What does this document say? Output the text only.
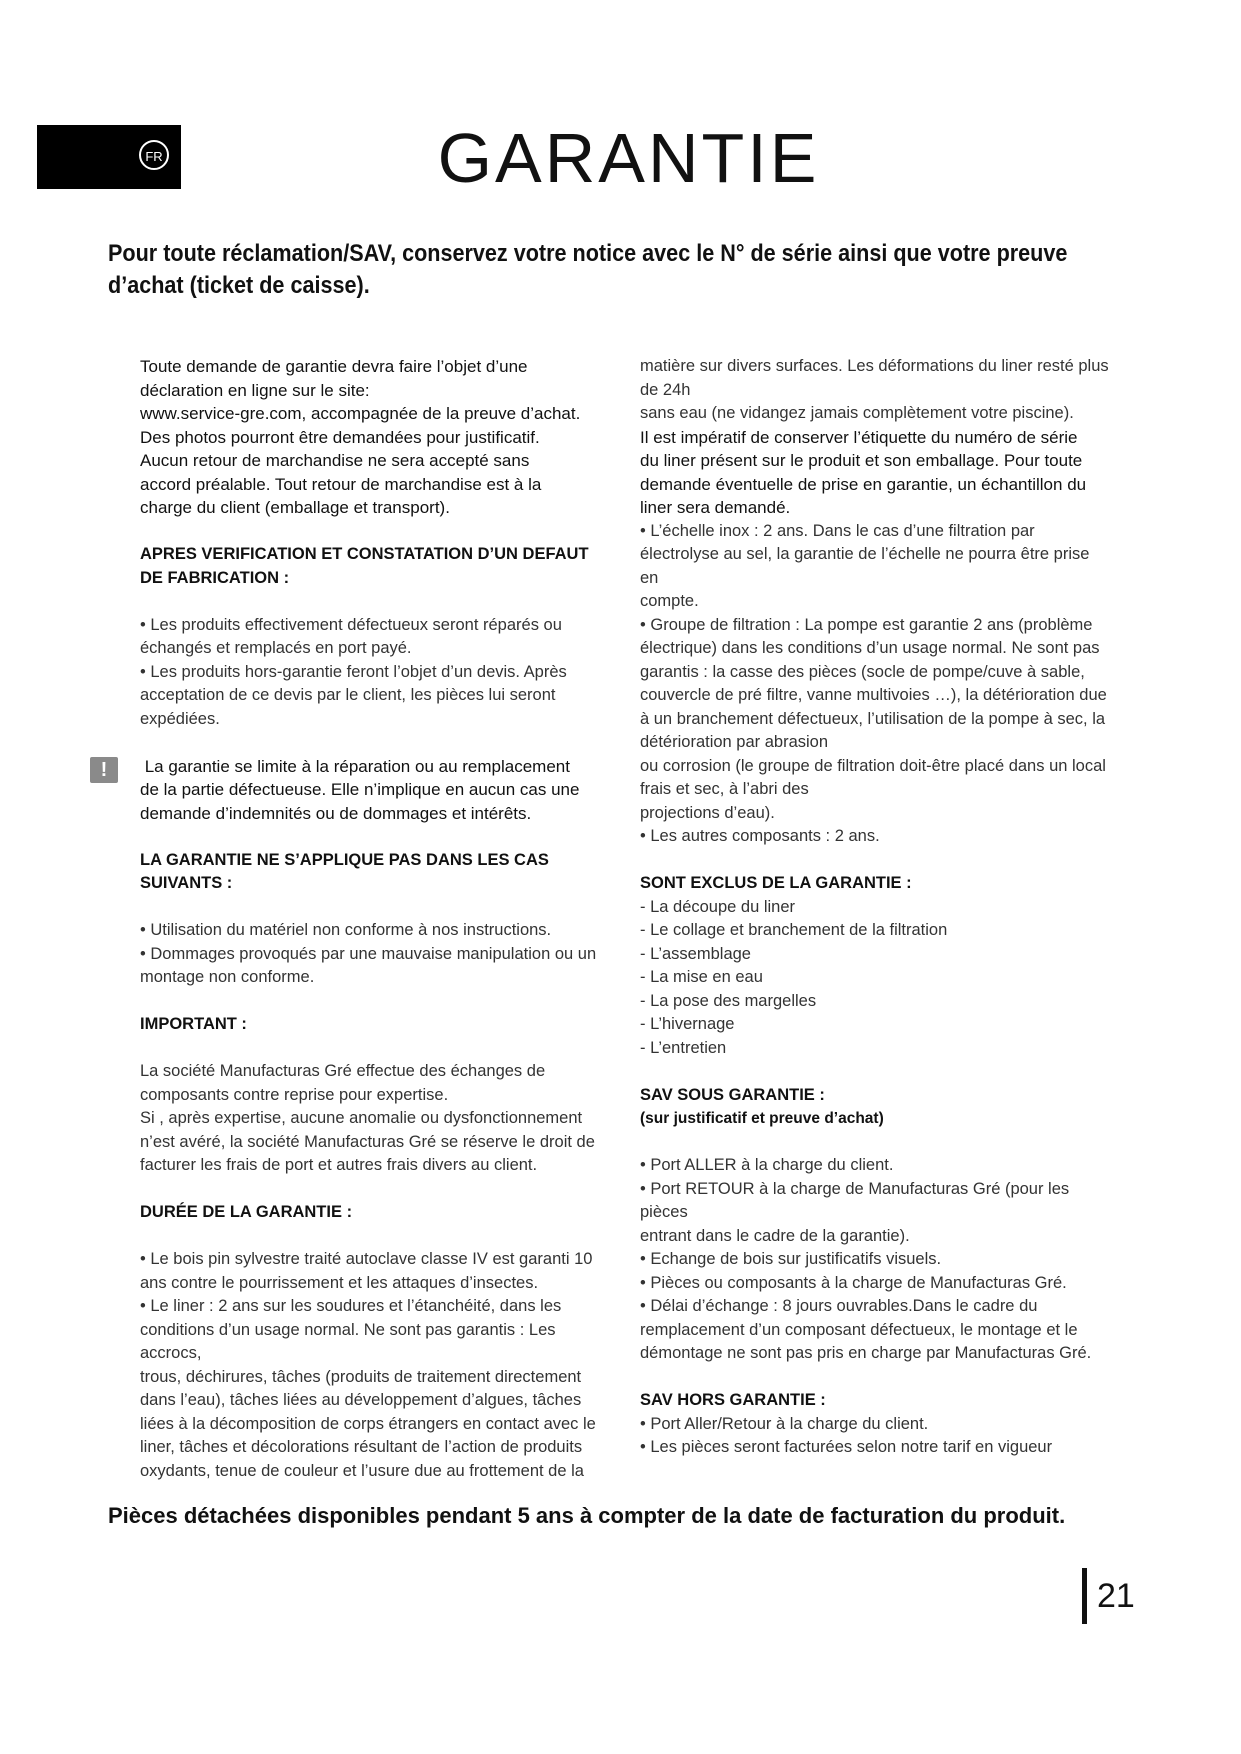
FR	GARANTIE
Pour toute réclamation/SAV, conservez votre notice avec le N° de série ainsi que votre preuve d’achat (ticket de caisse).

Toute demande de garantie devra faire l’objet d’une

déclaration en ligne sur le site:

www.service-gre.com, accompagnée de la preuve d’achat.

Des photos pourront être demandées pour justificatif.

Aucun retour de marchandise ne sera accepté sans

accord préalable. Tout retour de marchandise est à la

charge du client (emballage et transport).

APRES VERIFICATION ET CONSTATATION D’UN DEFAUT

DE FABRICATION :

• Les produits effectivement défectueux seront réparés ou

échangés et remplacés en port payé.

• Les produits hors-garantie feront l’objet d’un devis. Après

acceptation de ce devis par le client, les pièces lui seront

expédiées.

!	La garantie se limite à la réparation ou au remplacement

de la partie défectueuse. Elle n’implique en aucun cas une

demande d’indemnités ou de dommages et intérêts.

LA GARANTIE NE S’APPLIQUE PAS DANS LES CAS

SUIVANTS :

• Utilisation du matériel non conforme à nos instructions.

• Dommages provoqués par une mauvaise manipulation ou un

montage non conforme.

IMPORTANT :

La société Manufacturas Gré effectue des échanges de

composants contre reprise pour expertise.

Si , après expertise, aucune anomalie ou dysfonctionnement

n’est avéré, la société Manufacturas Gré se réserve le droit de

facturer les frais de port et autres frais divers au client.

DURÉE DE LA GARANTIE :

• Le bois pin sylvestre traité autoclave classe IV est garanti 10

ans contre le pourrissement et les attaques d’insectes.

• Le liner : 2 ans sur les soudures et l’étanchéité, dans les

conditions d’un usage normal. Ne sont pas garantis : Les accrocs,

trous, déchirures, tâches (produits de traitement directement

dans l’eau), tâches liées au développement d’algues, tâches

liées à la décomposition de corps étrangers en contact avec le

liner, tâches et décolorations résultant de l’action de produits

oxydants, tenue de couleur et l’usure due au frottement de la

matière sur divers surfaces. Les déformations du liner resté plus

de 24h

sans eau (ne vidangez jamais complètement votre piscine).

Il est impératif de conserver l’étiquette du numéro de série

du liner présent sur le produit et son emballage. Pour toute

demande éventuelle de prise en garantie, un échantillon du

liner sera demandé.

• L’échelle inox : 2 ans. Dans le cas d’une filtration par

électrolyse au sel, la garantie de l’échelle ne pourra être prise en

compte.

• Groupe de filtration : La pompe est garantie 2 ans (problème

électrique) dans les conditions d’un usage normal. Ne sont pas

garantis : la casse des pièces (socle de pompe/cuve à sable,

couvercle de pré filtre, vanne multivoies …), la détérioration due

à un branchement défectueux, l’utilisation de la pompe à sec, la

détérioration par abrasion

ou corrosion (le groupe de filtration doit-être placé dans un local

frais et sec, à l’abri des

projections d’eau).

• Les autres composants : 2 ans.

SONT EXCLUS DE LA GARANTIE :

- La découpe du liner

- Le collage et branchement de la filtration

- L’assemblage

- La mise en eau

- La pose des margelles

- L’hivernage

- L’entretien

SAV SOUS GARANTIE :

(sur justificatif et preuve d’achat)

• Port ALLER à la charge du client.

• Port RETOUR à la charge de Manufacturas Gré (pour les pièces

entrant dans le cadre de la garantie).

• Echange de bois sur justificatifs visuels.

• Pièces ou composants à la charge de Manufacturas Gré.

• Délai d’échange : 8 jours ouvrables.Dans le cadre du

remplacement d’un composant défectueux, le montage et le

démontage ne sont pas pris en charge par Manufacturas Gré.

SAV HORS GARANTIE :

• Port Aller/Retour à la charge du client.

• Les pièces seront facturées selon notre tarif en vigueur

Pièces détachées disponibles pendant 5 ans à compter de la date de facturation du produit.
21
